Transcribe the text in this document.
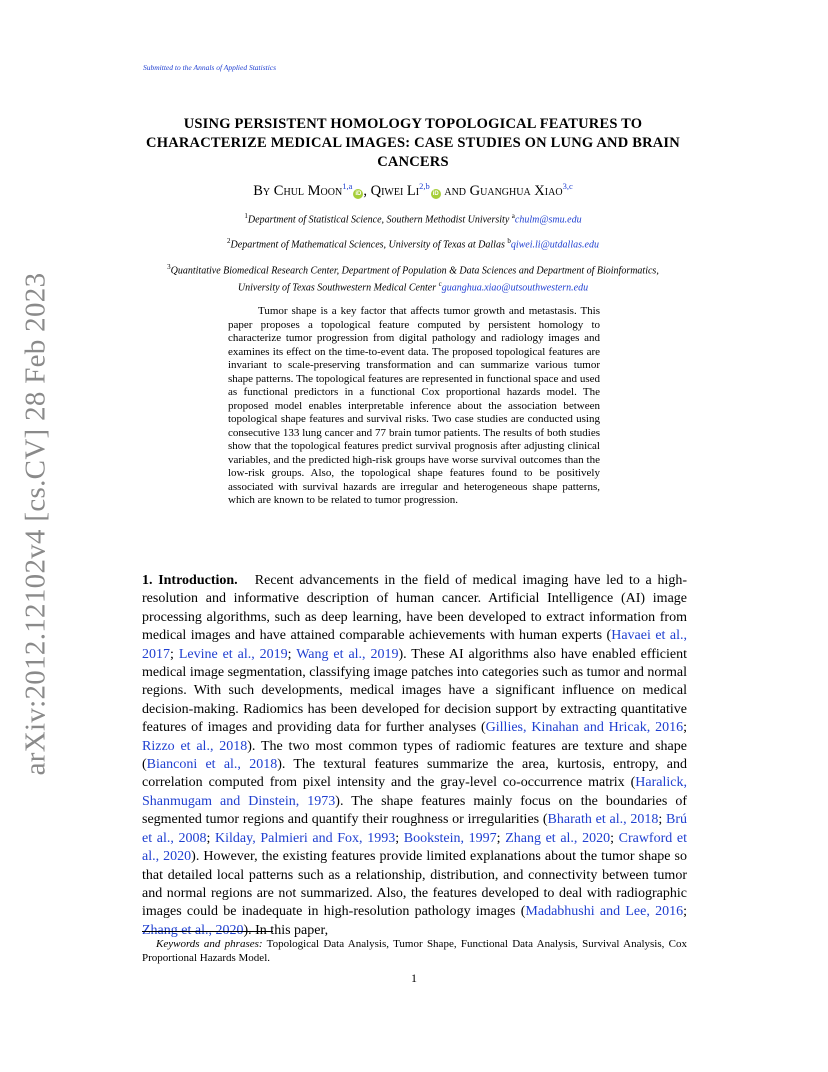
Submitted to the Annals of Applied Statistics
USING PERSISTENT HOMOLOGY TOPOLOGICAL FEATURES TO CHARACTERIZE MEDICAL IMAGES: CASE STUDIES ON LUNG AND BRAIN CANCERS
By Chul Moon$^{1,a}$iD , Qiwei Li$^{2,b}$iD and Guanghua Xiao$^{3,c}$
$^1$Department of Statistical Science, Southern Methodist University $^a$chulm@smu.edu
$^2$Department of Mathematical Sciences, University of Texas at Dallas $^b$qiwei.li@utdallas.edu
$^3$Quantitative Biomedical Research Center, Department of Population & Data Sciences and Department of Bioinformatics,
University of Texas Southwestern Medical Center $^c$guanghua.xiao@utsouthwestern.edu

Tumor shape is a key factor that affects tumor growth and metastasis. This paper proposes a topological feature computed by persistent homology to characterize tumor progression from digital pathology and radiology images and examines its effect on the time-to-event data. The proposed topological features are invariant to scale-preserving transformation and can summarize various tumor shape patterns. The topological features are represented in functional space and used as functional predictors in a functional Cox proportional hazards model. The proposed model enables interpretable inference about the association between topological shape features and survival risks. Two case studies are conducted using consecutive 133 lung cancer and 77 brain tumor patients. The results of both studies show that the topological features predict survival prognosis after adjusting clinical variables, and the predicted high-risk groups have worse survival outcomes than the low-risk groups. Also, the topological shape features found to be positively associated with survival hazards are irregular and heterogeneous shape patterns, which are known to be related to tumor progression.

1. Introduction. Recent advancements in the field of medical imaging have led to a high-resolution and informative description of human cancer. Artificial Intelligence (AI) image processing algorithms, such as deep learning, have been developed to extract information from medical images and have attained comparable achievements with human experts (Havaei et al., 2017; Levine et al., 2019; Wang et al., 2019). These AI algorithms also have enabled efficient medical image segmentation, classifying image patches into categories such as tumor and normal regions. With such developments, medical images have a significant influence on medical decision-making. Radiomics has been developed for decision support by extracting quantitative features of images and providing data for further analyses (Gillies, Kinahan and Hricak, 2016; Rizzo et al., 2018). The two most common types of radiomic features are texture and shape (Bianconi et al., 2018). The textural features summarize the area, kurtosis, entropy, and correlation computed from pixel intensity and the gray-level co-occurrence matrix (Haralick, Shanmugam and Dinstein, 1973). The shape features mainly focus on the boundaries of segmented tumor regions and quantify their roughness or irregularities (Bharath et al., 2018; Brú et al., 2008; Kilday, Palmieri and Fox, 1993; Bookstein, 1997; Zhang et al., 2020; Crawford et al., 2020). However, the existing features provide limited explanations about the tumor shape so that detailed local patterns such as a relationship, distribution, and connectivity between tumor and normal regions are not summarized. Also, the features developed to deal with radiographic images could be inadequate in high-resolution pathology images (Madabhushi and Lee, 2016; Zhang et al., 2020). In this paper,

Keywords and phrases: Topological Data Analysis, Tumor Shape, Functional Data Analysis, Survival Analysis, Cox Proportional Hazards Model.

1
arXiv:2012.12102v4 [cs.CV] 28 Feb 2023
